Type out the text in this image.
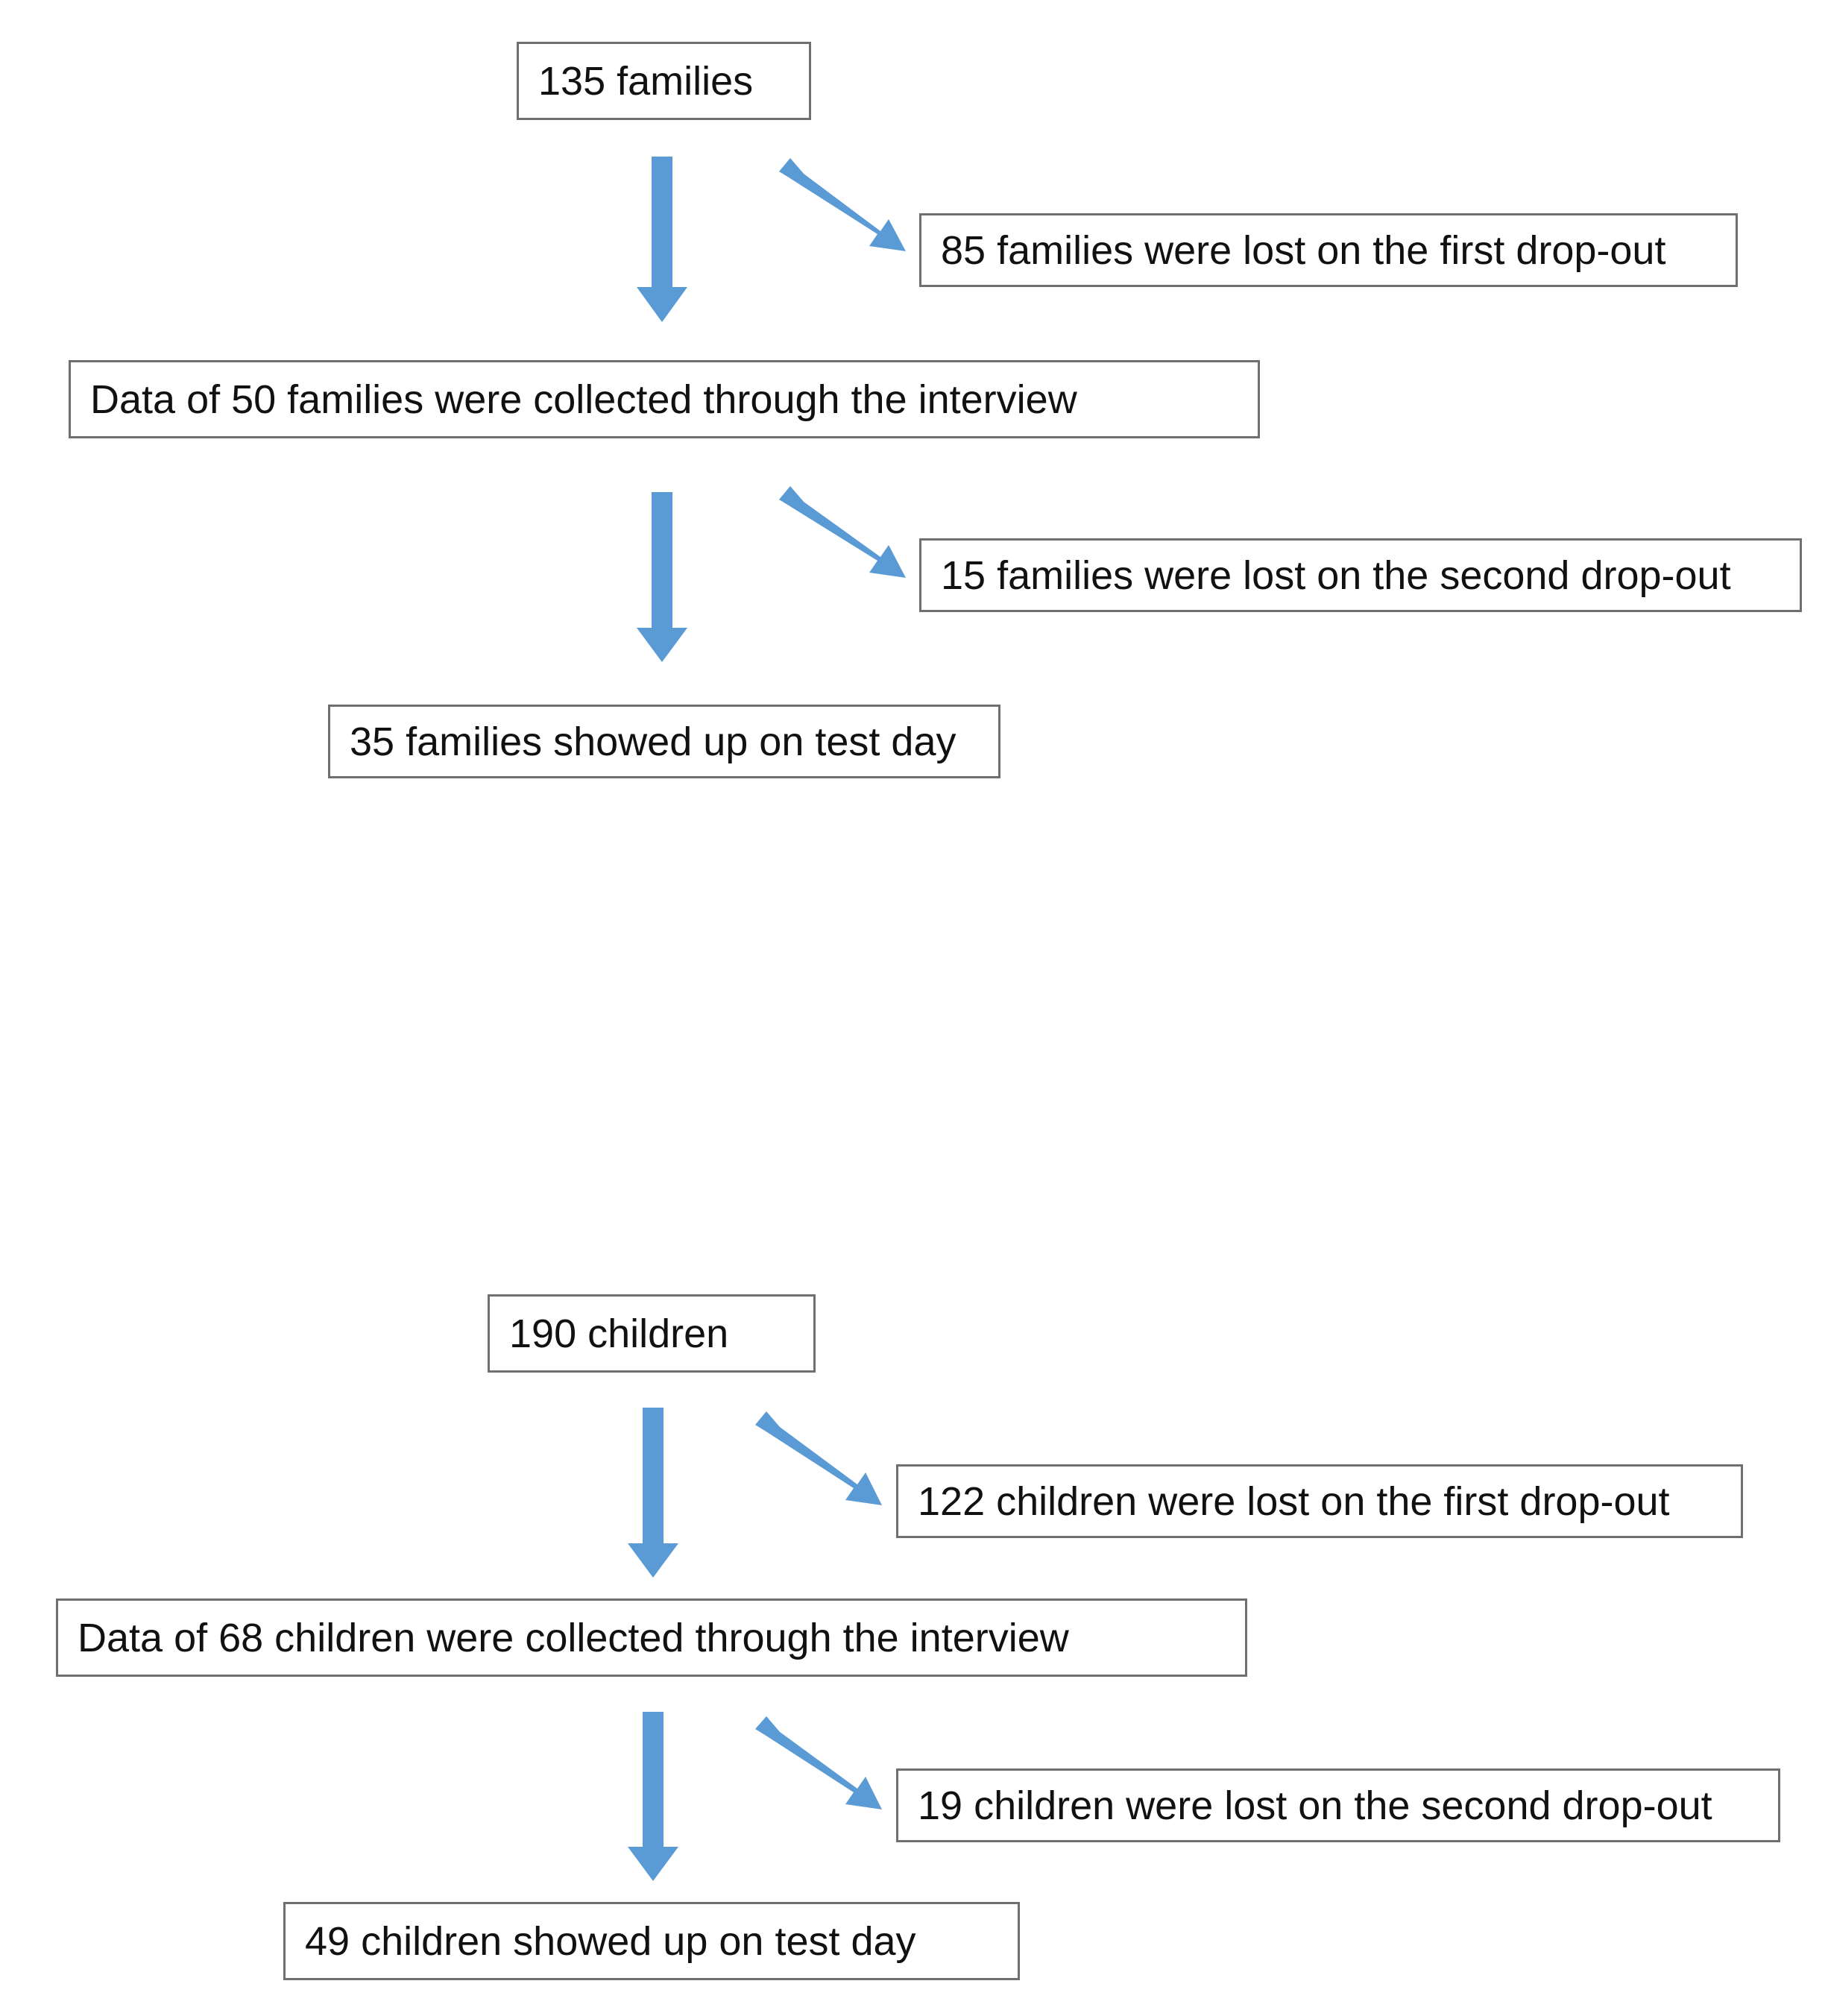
135 families
85 families were lost on the first drop-out
Data of 50 families were collected through the interview
15 families were lost on the second drop-out
35 families showed up on test day
190 children
122 children were lost on the first drop-out
Data of 68 children were collected through the interview
19 children were lost on the second drop-out
49 children showed up on test day
